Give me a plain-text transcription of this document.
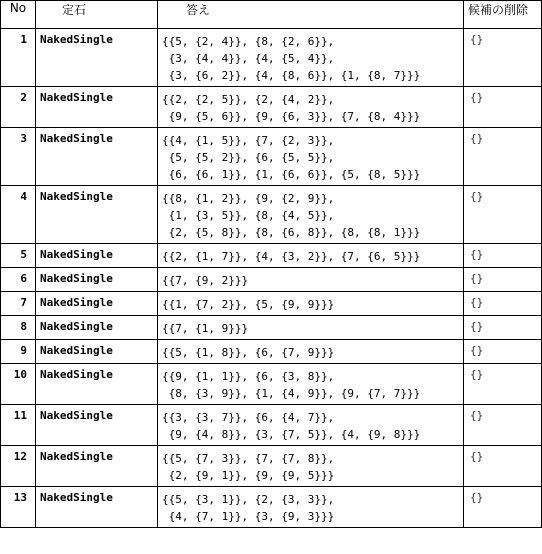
No	定石	答え	候補の削除
1	NakedSingle	{{5, {2, 4}}, {8, {2, 6}},
{3, {4, 4}}, {4, {5, 4}},
{3, {6, 2}}, {4, {8, 6}}, {1, {8, 7}}}	{}
2	NakedSingle	{{2, {2, 5}}, {2, {4, 2}},
{9, {5, 6}}, {9, {6, 3}}, {7, {8, 4}}}	{}
3	NakedSingle	{{4, {1, 5}}, {7, {2, 3}},
{5, {5, 2}}, {6, {5, 5}},
{6, {6, 1}}, {1, {6, 6}}, {5, {8, 5}}}	{}
4	NakedSingle	{{8, {1, 2}}, {9, {2, 9}},
{1, {3, 5}}, {8, {4, 5}},
{2, {5, 8}}, {8, {6, 8}}, {8, {8, 1}}}	{}
5	NakedSingle	{{2, {1, 7}}, {4, {3, 2}}, {7, {6, 5}}}	{}
6	NakedSingle	{{7, {9, 2}}}	{}
7	NakedSingle	{{1, {7, 2}}, {5, {9, 9}}}	{}
8	NakedSingle	{{7, {1, 9}}}	{}
9	NakedSingle	{{5, {1, 8}}, {6, {7, 9}}}	{}
10	NakedSingle	{{9, {1, 1}}, {6, {3, 8}},
{8, {3, 9}}, {1, {4, 9}}, {9, {7, 7}}}	{}
11	NakedSingle	{{3, {3, 7}}, {6, {4, 7}},
{9, {4, 8}}, {3, {7, 5}}, {4, {9, 8}}}	{}
12	NakedSingle	{{5, {7, 3}}, {7, {7, 8}},
{2, {9, 1}}, {9, {9, 5}}}	{}
13	NakedSingle	{{5, {3, 1}}, {2, {3, 3}},
{4, {7, 1}}, {3, {9, 3}}}	{}
